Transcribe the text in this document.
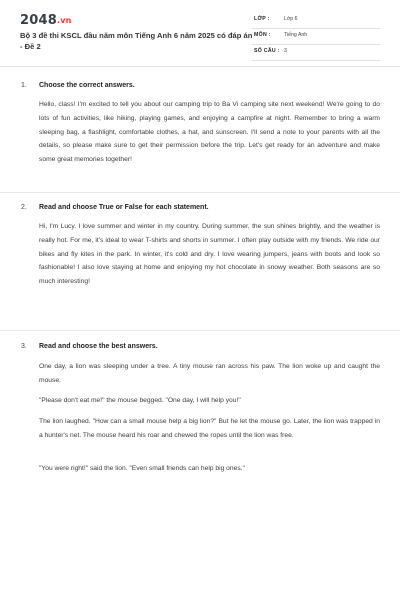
2048.vn
Bộ 3 đề thi KSCL đầu năm môn Tiếng Anh 6 năm 2025 có đáp án - Đề 2
LỚP :	Lớp 6
MÔN :	Tiếng Anh
SỐ CÂU : 3
1. Choose the correct answers.
Hello, class! I'm excited to tell you about our camping trip to Ba Vi camping site next weekend! We're going to do lots of fun activities, like hiking, playing games, and enjoying a campfire at night. Remember to bring a warm sleeping bag, a flashlight, comfortable clothes, a hat, and sunscreen. I'll send a note to your parents with all the details, so please make sure to get their permission before the trip. Let's get ready for an adventure and make some great memories together!
2. Read and choose True or False for each statement.
Hi, I'm Lucy. I love summer and winter in my country. During summer, the sun shines brightly, and the weather is really hot. For me, it's ideal to wear T-shirts and shorts in summer. I often play outside with my friends. We ride our bikes and fly kites in the park. In winter, it's cold and dry. I love wearing jumpers, jeans with boots and look so fashionable! I also love staying at home and enjoying my hot chocolate in snowy weather. Both seasons are so much interesting!
3. Read and choose the best answers.
One day, a lion was sleeping under a tree. A tiny mouse ran across his paw. The lion woke up and caught the mouse.
"Please don't eat me!" the mouse begged. "One day, I will help you!"
The lion laughed. "How can a small mouse help a big lion?" But he let the mouse go. Later, the lion was trapped in a hunter's net. The mouse heard his roar and chewed the ropes until the lion was free.
"You were right!" said the lion. "Even small friends can help big ones."
